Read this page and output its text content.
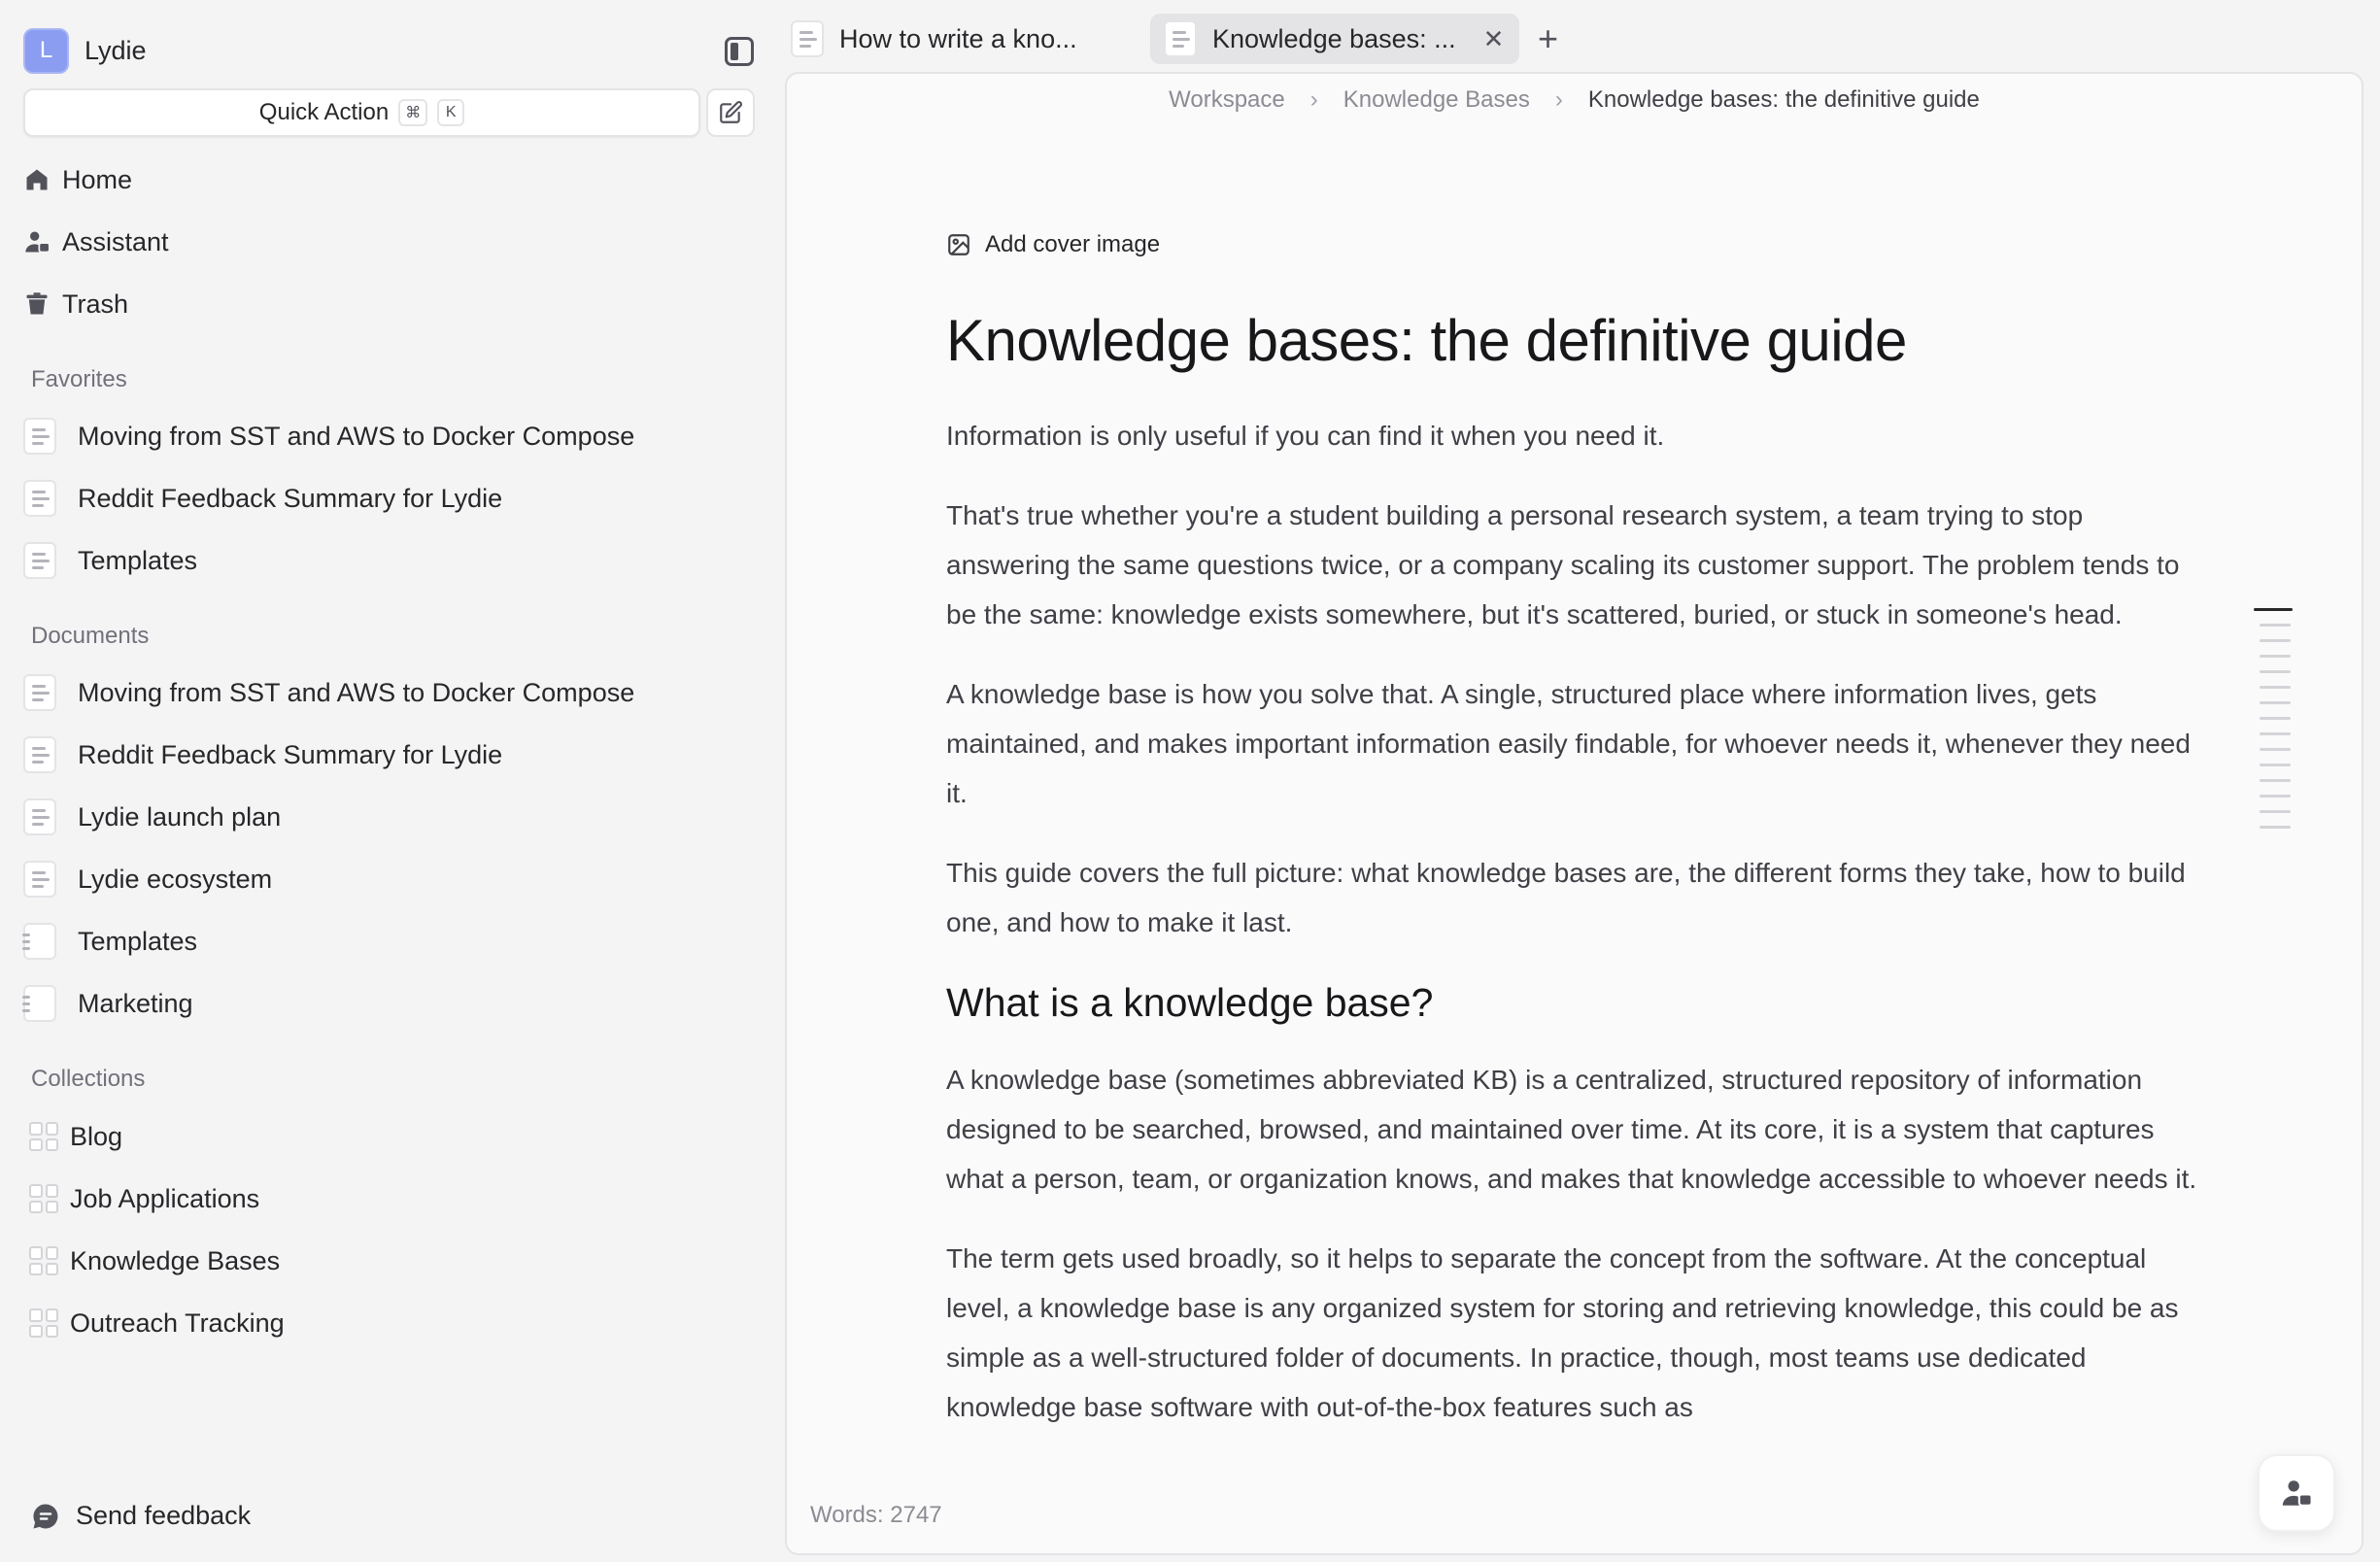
L	Lydie
Quick Action	⌘	K
Home
Assistant
Trash
Favorites
Moving from SST and AWS to Docker Compose
Reddit Feedback Summary for Lydie
Templates
Documents
Moving from SST and AWS to Docker Compose
Reddit Feedback Summary for Lydie
Lydie launch plan
Lydie ecosystem
Templates
Marketing
Collections
Blog
Job Applications
Knowledge Bases
Outreach Tracking
Send feedback
How to write a kno...	Knowledge bases: ... ✕ +
Workspace › Knowledge Bases › Knowledge bases: the definitive guide
Add cover image
Knowledge bases: the definitive guide

Information is only useful if you can find it when you need it.

That's true whether you're a student building a personal research system, a team trying to stop answering the same questions twice, or a company scaling its customer support. The problem tends to be the same: knowledge exists somewhere, but it's scattered, buried, or stuck in someone's head.

A knowledge base is how you solve that. A single, structured place where information lives, gets maintained, and makes important information easily findable, for whoever needs it, whenever they need it.

This guide covers the full picture: what knowledge bases are, the different forms they take, how to build one, and how to make it last.

What is a knowledge base?

A knowledge base (sometimes abbreviated KB) is a centralized, structured repository of information designed to be searched, browsed, and maintained over time. At its core, it is a system that captures what a person, team, or organization knows, and makes that knowledge accessible to whoever needs it.

The term gets used broadly, so it helps to separate the concept from the software. At the conceptual level, a knowledge base is any organized system for storing and retrieving knowledge, this could be as simple as a well-structured folder of documents. In practice, though, most teams use dedicated knowledge base software with out-of-the-box features such as

Words: 2747
